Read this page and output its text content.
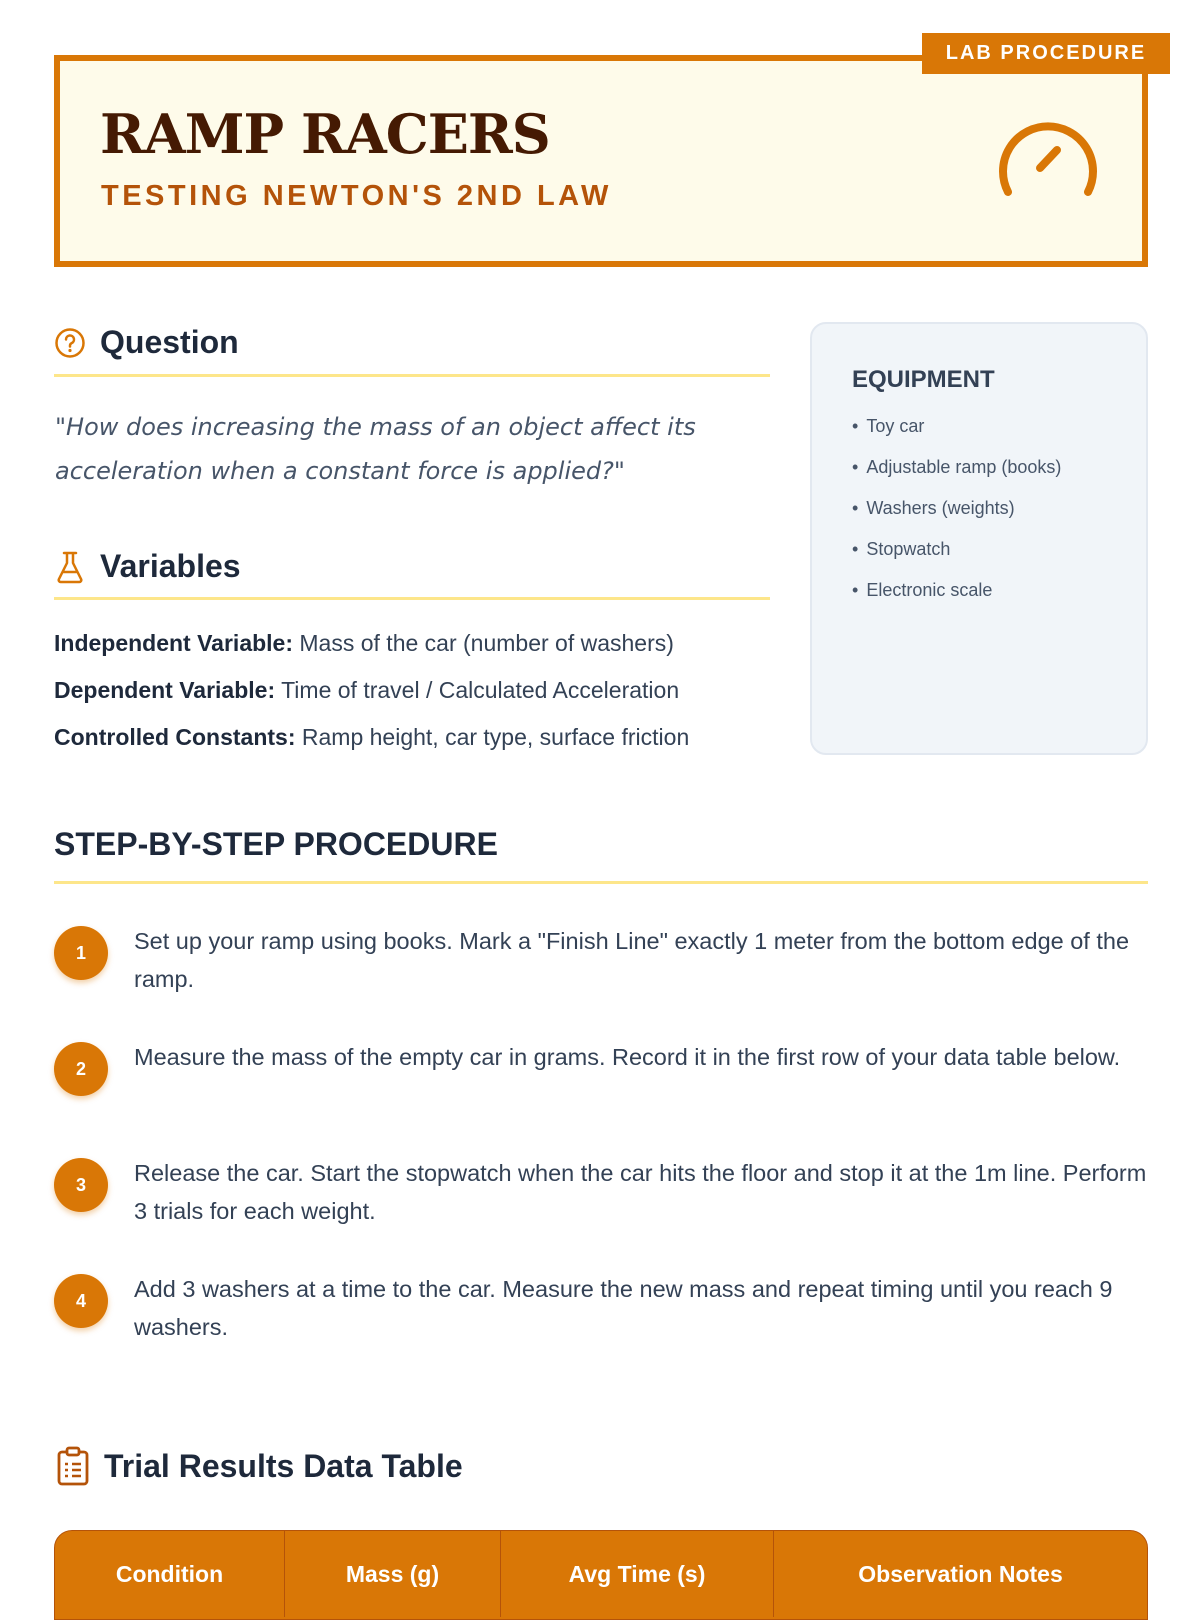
LAB PROCEDURE
RAMP RACERS
TESTING NEWTON'S 2ND LAW
Question
"How does increasing the mass of an object affect its acceleration when a constant force is applied?"
Variables
Independent Variable: Mass of the car (number of washers)
Dependent Variable: Time of travel / Calculated Acceleration
Controlled Constants: Ramp height, car type, surface friction
EQUIPMENT
• Toy car
• Adjustable ramp (books)
• Washers (weights)
• Stopwatch
• Electronic scale
STEP-BY-STEP PROCEDURE
1	Set up your ramp using books. Mark a "Finish Line" exactly 1 meter from the bottom edge of the ramp.
2	Measure the mass of the empty car in grams. Record it in the first row of your data table below.
3	Release the car. Start the stopwatch when the car hits the floor and stop it at the 1m line. Perform 3 trials for each weight.
4	Add 3 washers at a time to the car. Measure the new mass and repeat timing until you reach 9 washers.
Trial Results Data Table
Condition	Mass (g)	Avg Time (s)	Observation Notes
